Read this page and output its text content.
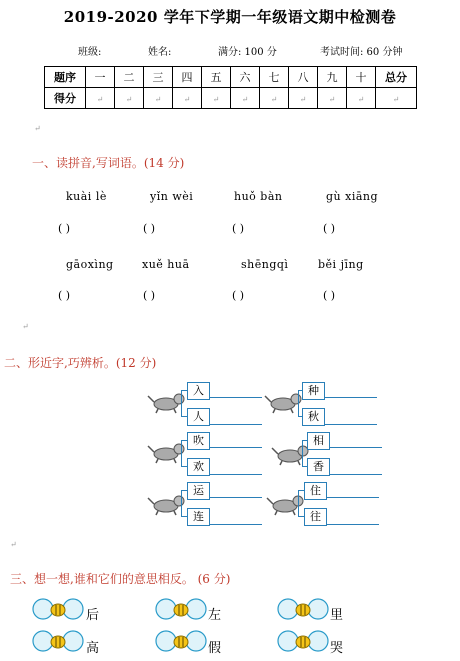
2019-2020 学年下学期一年级语文期中检测卷
班级:	姓名:	满分: 100 分	考试时间: 60 分钟
题序	一	二	三	四	五	六	七	八	九	十	总分
得分	↵	↵	↵	↵	↵	↵	↵	↵	↵	↵	↵
↵
一、读拼音,写词语。(14 分)
kuài lè	yǐn wèi	huǒ bàn	gù xiāng
( )	( )	( )	( )
gāoxìng	xuě huā	shēngqì	běi jīng
( )	( )	( )	( )
↵
二、形近字,巧辨析。(12 分)
入
人
种
秋
吹
欢
相
香
运
连
住
往
↵
三、想一想,谁和它们的意思相反。 (6 分)
后	左	里
高	假	哭
